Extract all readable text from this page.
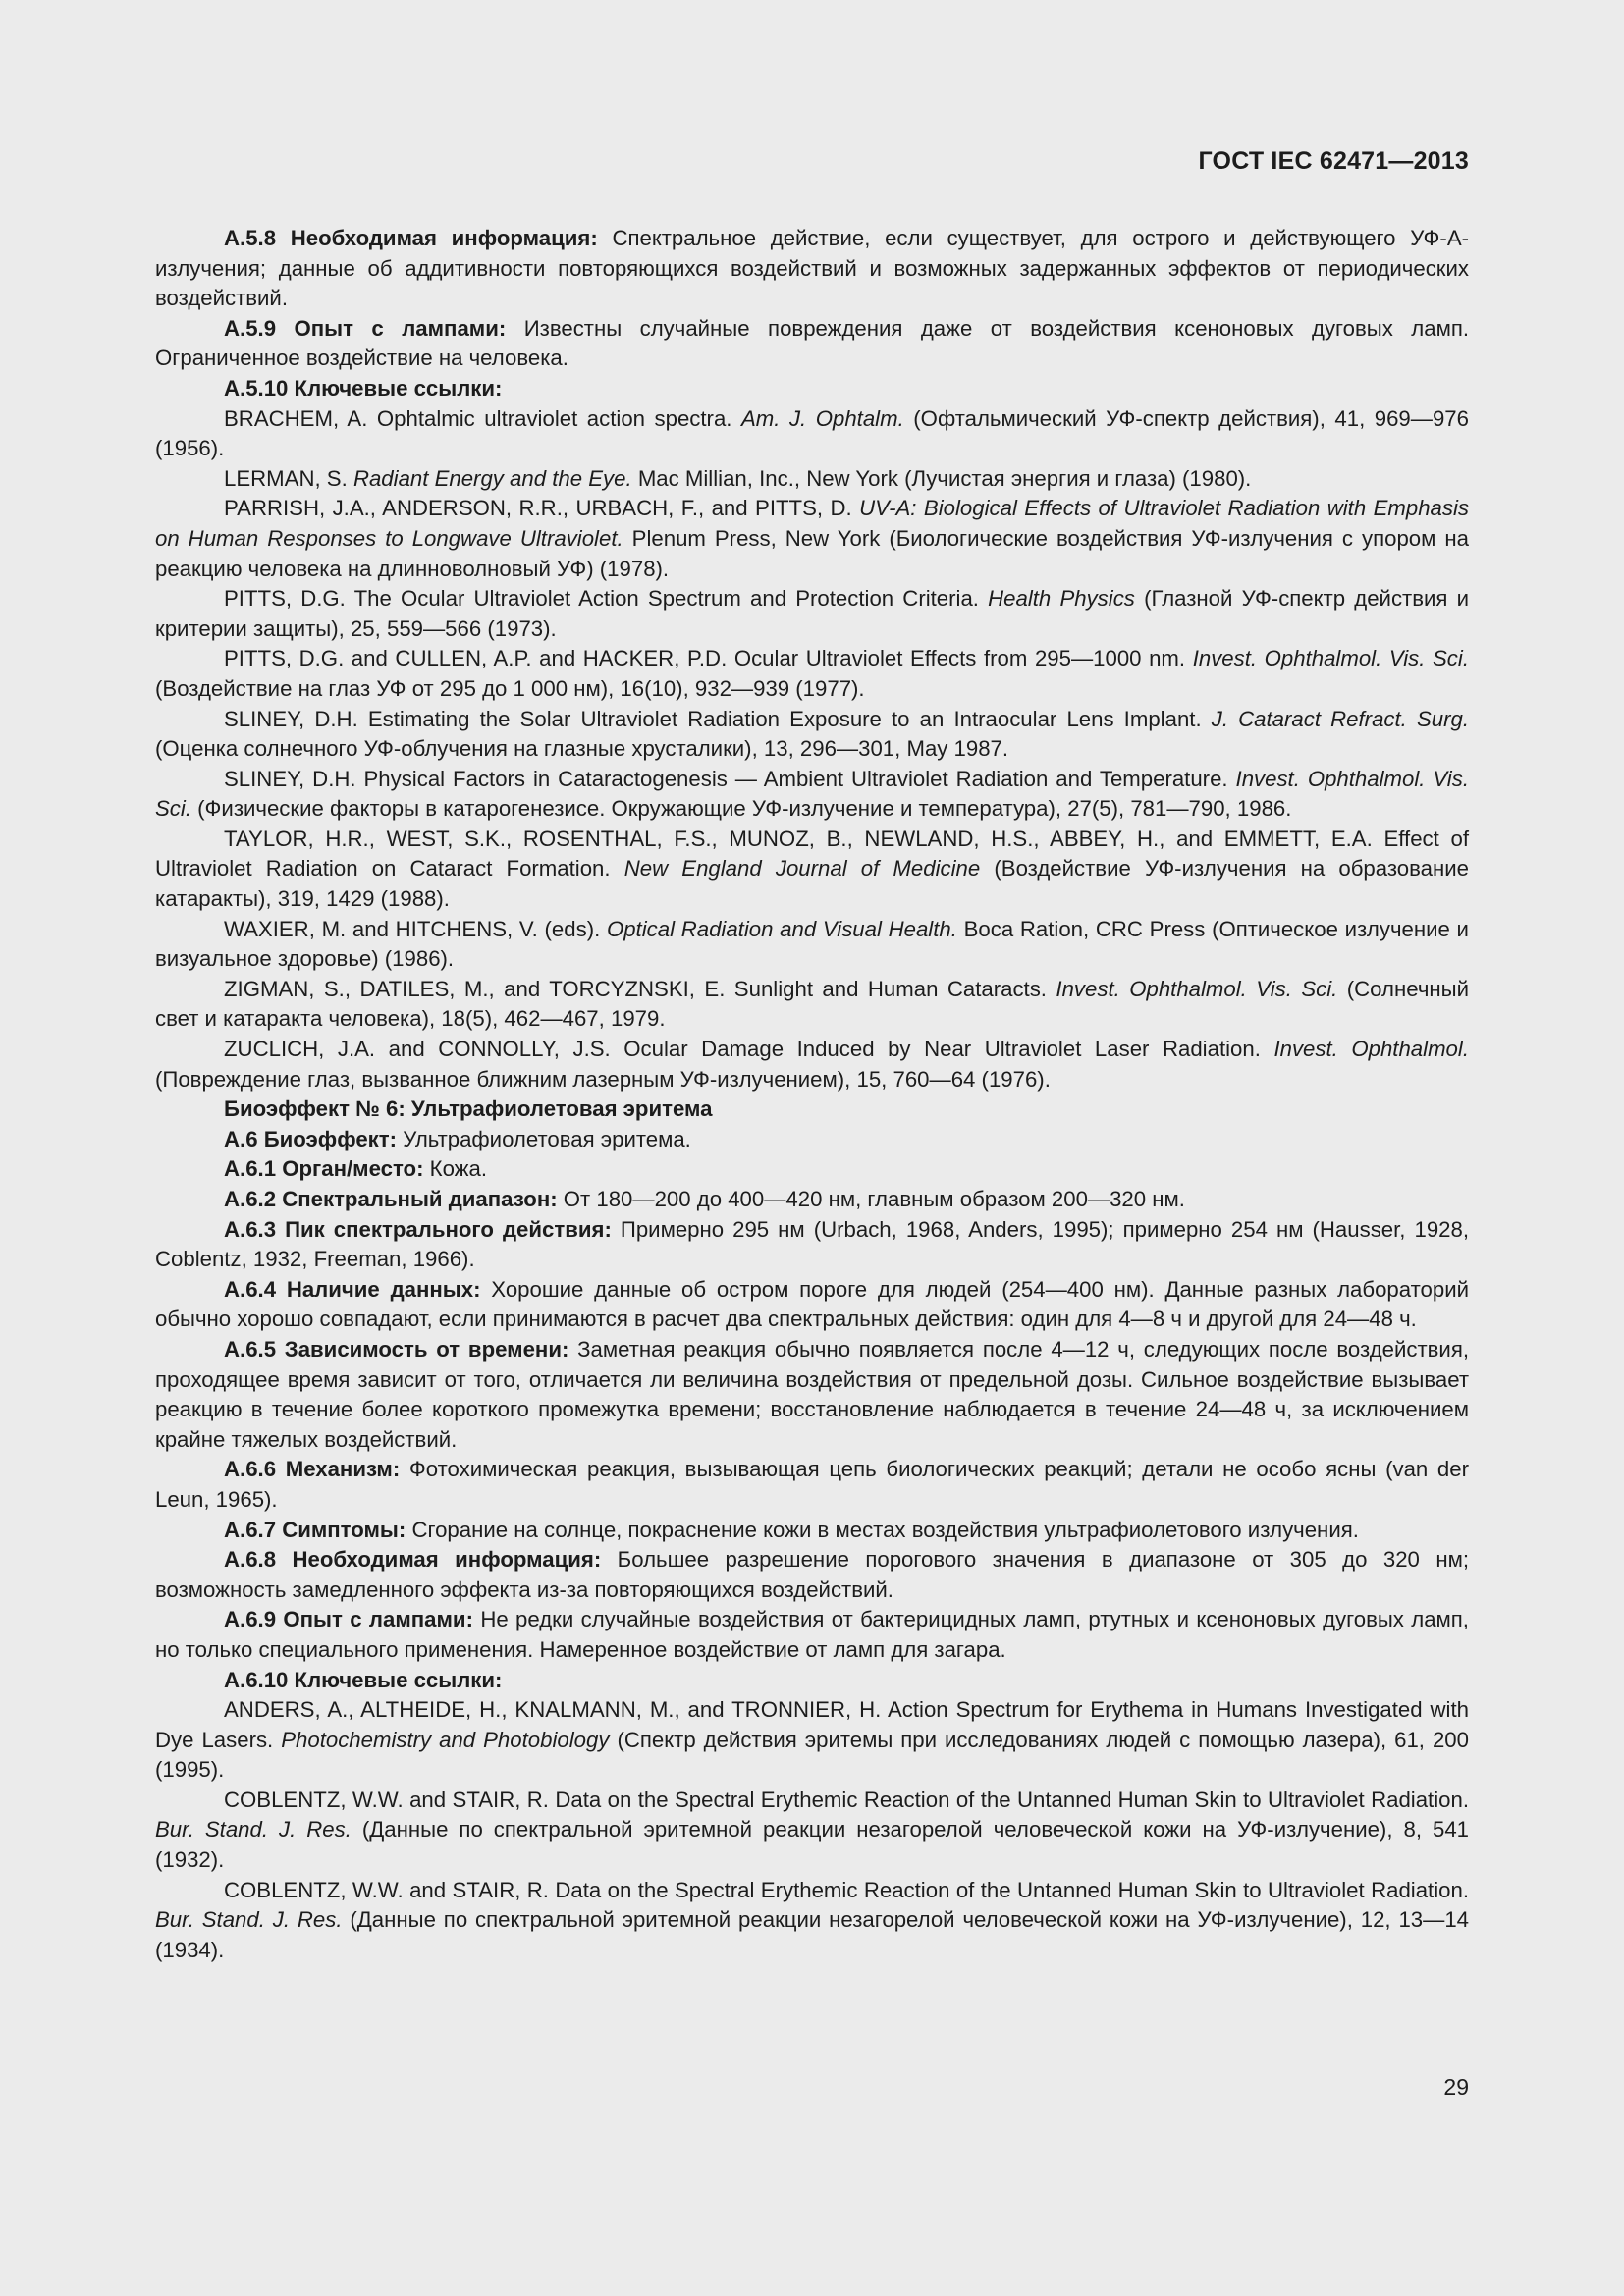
ГОСТ IEC 62471—2013

А.5.8 Необходимая информация: Спектральное действие, если существует, для острого и действующего УФ-А-излучения; данные об аддитивности повторяющихся воздействий и возможных задержанных эффектов от периодических воздействий.

А.5.9 Опыт с лампами: Известны случайные повреждения даже от воздействия ксеноновых дуговых ламп. Ограниченное воздействие на человека.

А.5.10 Ключевые ссылки:

BRACHEM, A. Ophtalmic ultraviolet action spectra. Am. J. Ophtalm. (Офтальмический УФ-спектр действия), 41, 969—976 (1956).

LERMAN, S. Radiant Energy and the Eye. Mac Millian, Inc., New York (Лучистая энергия и глаза) (1980).

PARRISH, J.A., ANDERSON, R.R., URBACH, F., and PITTS, D. UV-A: Biological Effects of Ultraviolet Radiation with Emphasis on Human Responses to Longwave Ultraviolet. Plenum Press, New York (Биологические воздействия УФ-излучения с упором на реакцию человека на длинноволновый УФ) (1978).

PITTS, D.G. The Ocular Ultraviolet Action Spectrum and Protection Criteria. Health Physics (Глазной УФ-спектр действия и критерии защиты), 25, 559—566 (1973).

PITTS, D.G. and CULLEN, A.P. and HACKER, P.D. Ocular Ultraviolet Effects from 295—1000 nm. Invest. Ophthalmol. Vis. Sci. (Воздействие на глаз УФ от 295 до 1 000 нм), 16(10), 932—939 (1977).

SLINEY, D.H. Estimating the Solar Ultraviolet Radiation Exposure to an Intraocular Lens Implant. J. Cataract Refract. Surg. (Оценка солнечного УФ-облучения на глазные хрусталики), 13, 296—301, May 1987.

SLINEY, D.H. Physical Factors in Cataractogenesis — Ambient Ultraviolet Radiation and Temperature. Invest. Ophthalmol. Vis. Sci. (Физические факторы в катарогенезисе. Окружающие УФ-излучение и температура), 27(5), 781—790, 1986.

TAYLOR, H.R., WEST, S.K., ROSENTHAL, F.S., MUNOZ, B., NEWLAND, H.S., ABBEY, H., and EMMETT, E.A. Effect of Ultraviolet Radiation on Cataract Formation. New England Journal of Medicine (Воздействие УФ-излучения на образование катаракты), 319, 1429 (1988).

WAXIER, M. and HITCHENS, V. (eds). Optical Radiation and Visual Health. Boca Ration, CRC Press (Оптическое излучение и визуальное здоровье) (1986).

ZIGMAN, S., DATILES, M., and TORCYZNSKI, E. Sunlight and Human Cataracts. Invest. Ophthalmol. Vis. Sci. (Солнечный свет и катаракта человека), 18(5), 462—467, 1979.

ZUCLICH, J.A. and CONNOLLY, J.S. Ocular Damage Induced by Near Ultraviolet Laser Radiation. Invest. Ophthalmol. (Повреждение глаз, вызванное ближним лазерным УФ-излучением), 15, 760—64 (1976).

Биоэффект № 6: Ультрафиолетовая эритема

А.6 Биоэффект: Ультрафиолетовая эритема.

А.6.1 Орган/место: Кожа.

А.6.2 Спектральный диапазон: От 180—200 до 400—420 нм, главным образом 200—320 нм.

А.6.3 Пик спектрального действия: Примерно 295 нм (Urbach, 1968, Anders, 1995); примерно 254 нм (Hausser, 1928, Coblentz, 1932, Freeman, 1966).

А.6.4 Наличие данных: Хорошие данные об остром пороге для людей (254—400 нм). Данные разных лабораторий обычно хорошо совпадают, если принимаются в расчет два спектральных действия: один для 4—8 ч и другой для 24—48 ч.

А.6.5 Зависимость от времени: Заметная реакция обычно появляется после 4—12 ч, следующих после воздействия, проходящее время зависит от того, отличается ли величина воздействия от предельной дозы. Сильное воздействие вызывает реакцию в течение более короткого промежутка времени; восстановление наблюдается в течение 24—48 ч, за исключением крайне тяжелых воздействий.

А.6.6 Механизм: Фотохимическая реакция, вызывающая цепь биологических реакций; детали не особо ясны (van der Leun, 1965).

А.6.7 Симптомы: Сгорание на солнце, покраснение кожи в местах воздействия ультрафиолетового излучения.

А.6.8 Необходимая информация: Большее разрешение порогового значения в диапазоне от 305 до 320 нм; возможность замедленного эффекта из-за повторяющихся воздействий.

А.6.9 Опыт с лампами: Не редки случайные воздействия от бактерицидных ламп, ртутных и ксеноновых дуговых ламп, но только специального применения. Намеренное воздействие от ламп для загара.

А.6.10 Ключевые ссылки:

ANDERS, A., ALTHEIDE, H., KNALMANN, M., and TRONNIER, H. Action Spectrum for Erythema in Humans Investigated with Dye Lasers. Photochemistry and Photobiology (Спектр действия эритемы при исследованиях людей с помощью лазера), 61, 200 (1995).

COBLENTZ, W.W. and STAIR, R. Data on the Spectral Erythemic Reaction of the Untanned Human Skin to Ultraviolet Radiation. Bur. Stand. J. Res. (Данные по спектральной эритемной реакции незагорелой человеческой кожи на УФ-излучение), 8, 541 (1932).

COBLENTZ, W.W. and STAIR, R. Data on the Spectral Erythemic Reaction of the Untanned Human Skin to Ultraviolet Radiation. Bur. Stand. J. Res. (Данные по спектральной эритемной реакции незагорелой человеческой кожи на УФ-излучение), 12, 13—14 (1934).

29
